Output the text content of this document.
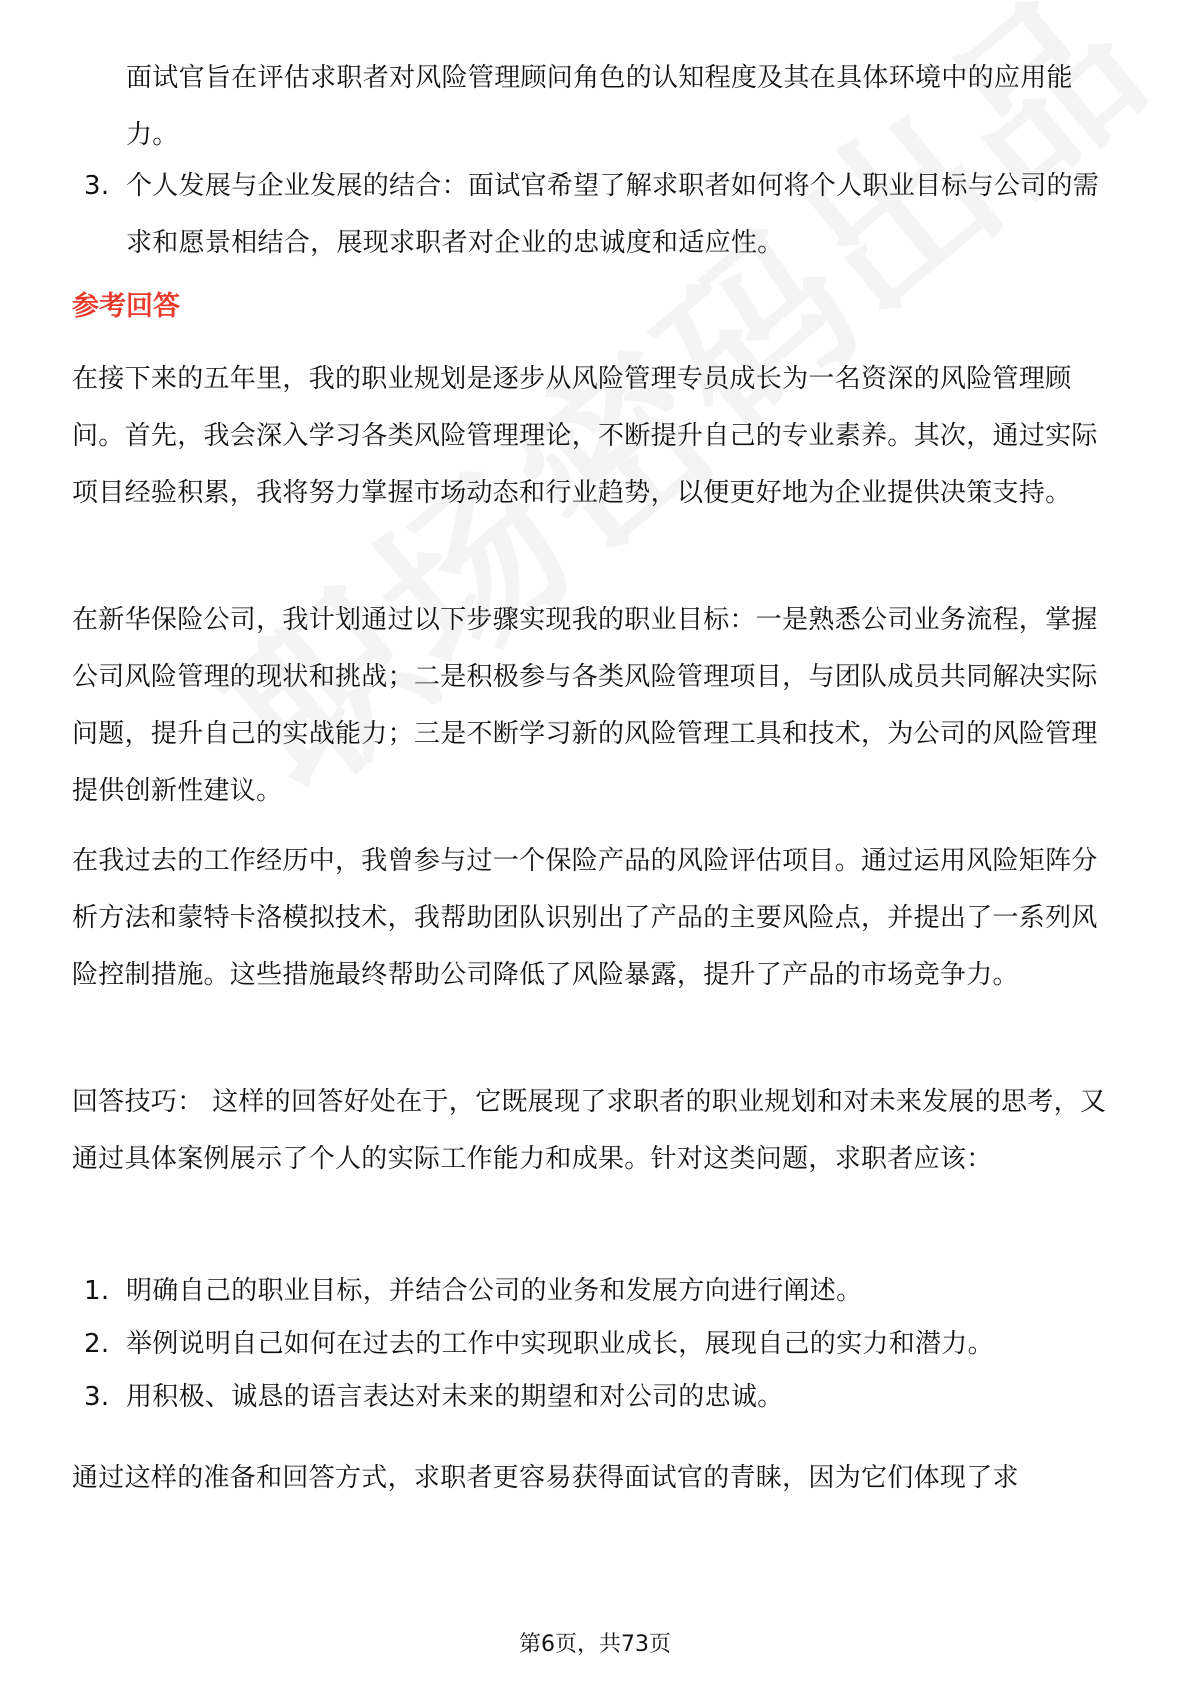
面试官旨在评估求职者对风险管理顾问角色的认知程度及其在具体环境中的应用能力。
3. 个人发展与企业发展的结合：面试官希望了解求职者如何将个人职业目标与公司的需求和愿景相结合，展现求职者对企业的忠诚度和适应性。
参考回答
在接下来的五年里，我的职业规划是逐步从风险管理专员成长为一名资深的风险管理顾问。首先，我会深入学习各类风险管理理论，不断提升自己的专业素养。其次，通过实际项目经验积累，我将努力掌握市场动态和行业趋势，以便更好地为企业提供决策支持。
在新华保险公司，我计划通过以下步骤实现我的职业目标：一是熟悉公司业务流程，掌握公司风险管理的现状和挑战；二是积极参与各类风险管理项目，与团队成员共同解决实际问题，提升自己的实战能力；三是不断学习新的风险管理工具和技术，为公司的风险管理提供创新性建议。
在我过去的工作经历中，我曾参与过一个保险产品的风险评估项目。通过运用风险矩阵分析方法和蒙特卡洛模拟技术，我帮助团队识别出了产品的主要风险点，并提出了一系列风险控制措施。这些措施最终帮助公司降低了风险暴露，提升了产品的市场竞争力。
回答技巧： 这样的回答好处在于，它既展现了求职者的职业规划和对未来发展的思考，又通过具体案例展示了个人的实际工作能力和成果。针对这类问题，求职者应该：
1. 明确自己的职业目标，并结合公司的业务和发展方向进行阐述。
2. 举例说明自己如何在过去的工作中实现职业成长，展现自己的实力和潜力。
3. 用积极、诚恳的语言表达对未来的期望和对公司的忠诚。
通过这样的准备和回答方式，求职者更容易获得面试官的青睐，因为它们体现了求
第6页，共73页
